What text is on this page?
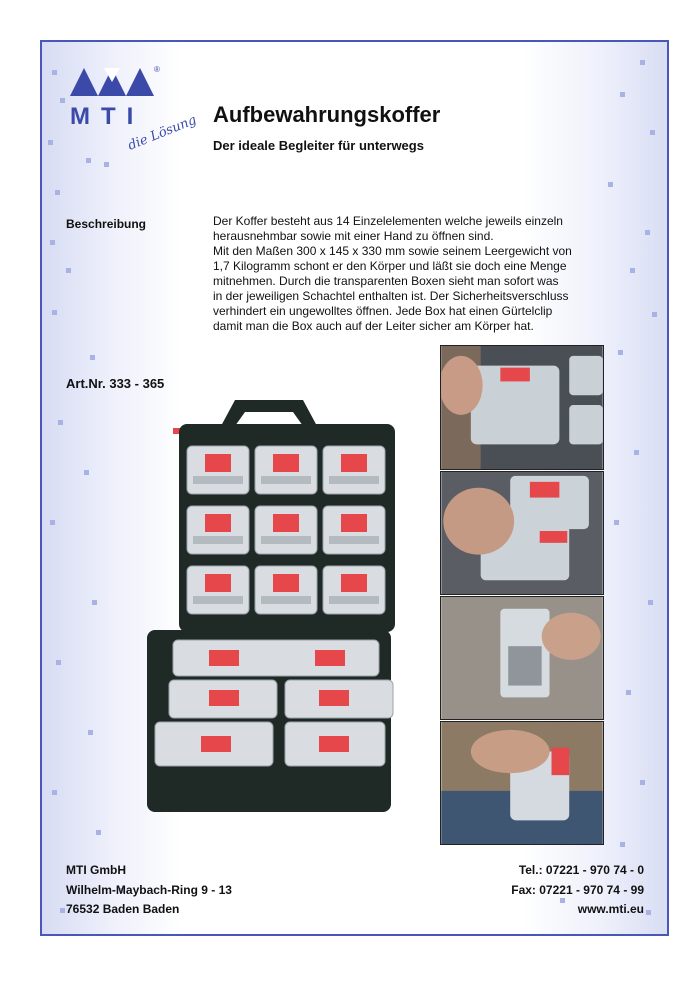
®
MTI
die Lösung Aufbewahrungskoffer
Der ideale Begleiter für unterwegs
Beschreibung	Der Koffer besteht aus 14 Einzelelementen welche jeweils einzeln
herausnehmbar sowie mit einer Hand zu öffnen sind.
Mit den Maßen 300 x 145 x 330 mm sowie seinem Leergewicht von
1,7 Kilogramm schont er den Körper und läßt sie doch eine Menge
mitnehmen. Durch die transparenten Boxen sieht man sofort was
in der jeweiligen Schachtel enthalten ist. Der Sicherheitsverschluss
verhindert ein ungewolltes öffnen. Jede Box hat einen Gürtelclip
damit man die Box auch auf der Leiter sicher am Körper hat.
Art.Nr. 333 - 365
MTI GmbH
Wilhelm-Maybach-Ring 9 - 13
76532 Baden Baden
Tel.: 07221 - 970 74 - 0
Fax: 07221 - 970 74 - 99
www.mti.eu
